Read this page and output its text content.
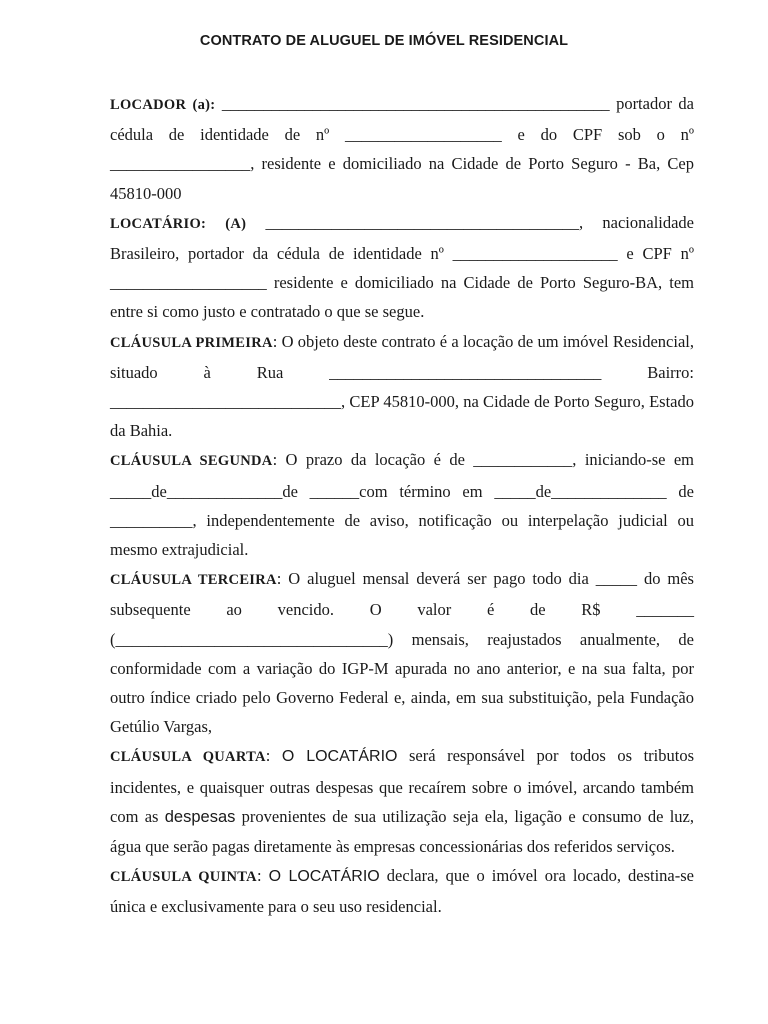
CONTRATO DE ALUGUEL DE IMÓVEL RESIDENCIAL

LOCADOR (a): _______________________________________________ portador da cédula de identidade de nº ___________________ e do CPF sob o nº _________________, residente e domiciliado na Cidade de Porto Seguro - Ba, Cep 45810-000

LOCATÁRIO: (A) ______________________________________, nacionalidade Brasileiro, portador da cédula de identidade nº ____________________ e CPF nº ___________________ residente e domiciliado na Cidade de Porto Seguro-BA, tem entre si como justo e contratado o que se segue.

CLÁUSULA PRIMEIRA: O objeto deste contrato é a locação de um imóvel Residencial, situado à Rua _________________________________ Bairro: ____________________________, CEP 45810-000, na Cidade de Porto Seguro, Estado da Bahia.

CLÁUSULA SEGUNDA: O prazo da locação é de ____________, iniciando-se em _____de______________de ______com término em _____de______________ de __________, independentemente de aviso, notificação ou interpelação judicial ou mesmo extrajudicial.

CLÁUSULA TERCEIRA: O aluguel mensal deverá ser pago todo dia _____ do mês subsequente ao vencido. O valor é de R$ _______ (_________________________________) mensais, reajustados anualmente, de conformidade com a variação do IGP-M apurada no ano anterior, e na sua falta, por outro índice criado pelo Governo Federal e, ainda, em sua substituição, pela Fundação Getúlio Vargas,

CLÁUSULA QUARTA: O LOCATÁRIO será responsável por todos os tributos incidentes, e quaisquer outras despesas que recaírem sobre o imóvel, arcando também com as despesas provenientes de sua utilização seja ela, ligação e consumo de luz, água que serão pagas diretamente às empresas concessionárias dos referidos serviços.

CLÁUSULA QUINTA: O LOCATÁRIO declara, que o imóvel ora locado, destina-se única e exclusivamente para o seu uso residencial.
